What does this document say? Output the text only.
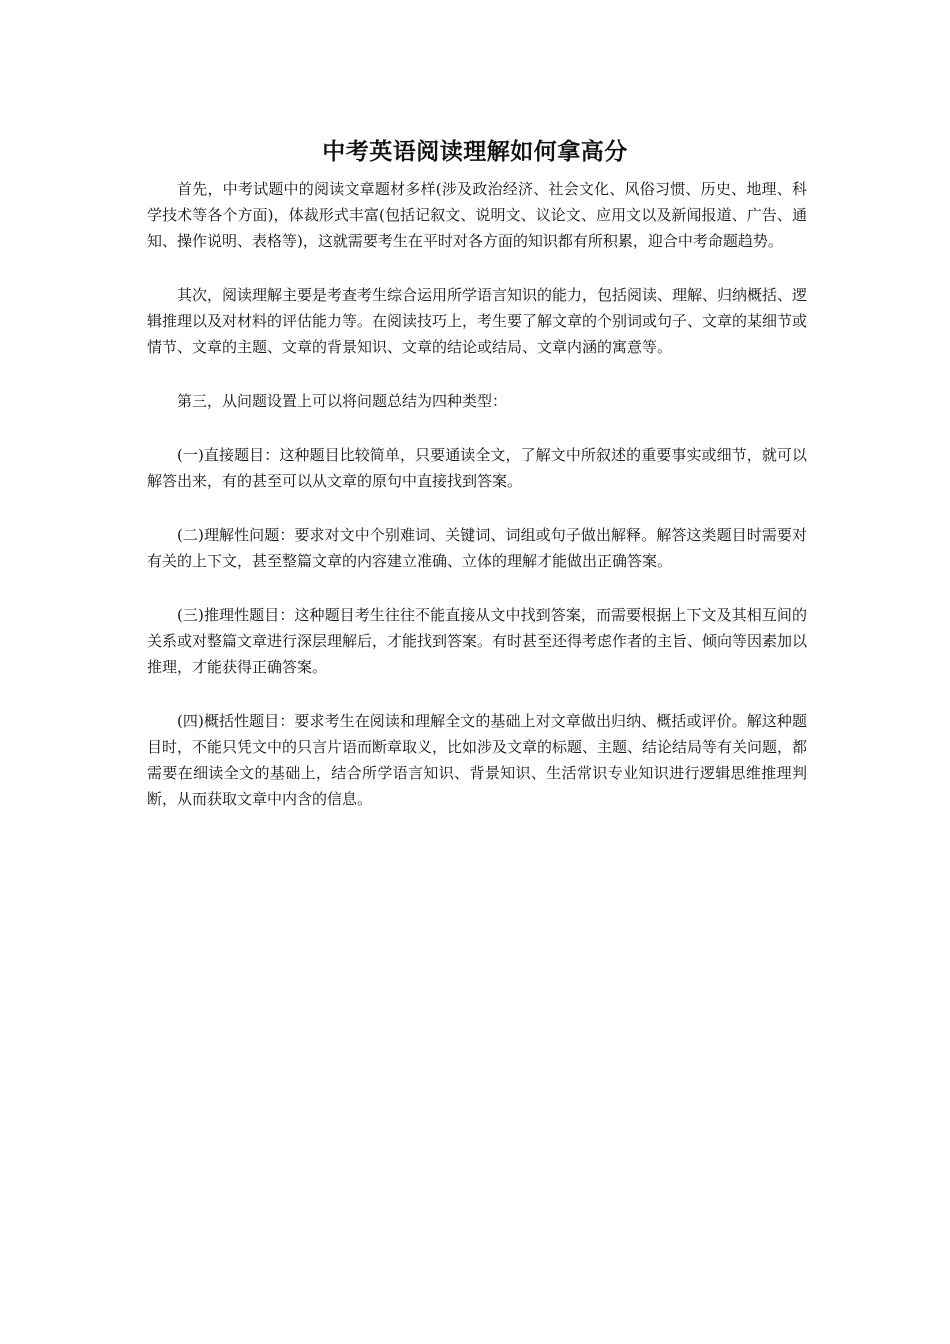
中考英语阅读理解如何拿高分

首先，中考试题中的阅读文章题材多样(涉及政治经济、社会文化、风俗习惯、历史、地理、科学技术等各个方面)，体裁形式丰富(包括记叙文、说明文、议论文、应用文以及新闻报道、广告、通知、操作说明、表格等)，这就需要考生在平时对各方面的知识都有所积累，迎合中考命题趋势。

其次，阅读理解主要是考查考生综合运用所学语言知识的能力，包括阅读、理解、归纳概括、逻辑推理以及对材料的评估能力等。在阅读技巧上，考生要了解文章的个别词或句子、文章的某细节或情节、文章的主题、文章的背景知识、文章的结论或结局、文章内涵的寓意等。

第三，从问题设置上可以将问题总结为四种类型：

(一)直接题目：这种题目比较简单，只要通读全文，了解文中所叙述的重要事实或细节，就可以解答出来，有的甚至可以从文章的原句中直接找到答案。

(二)理解性问题：要求对文中个别难词、关键词、词组或句子做出解释。解答这类题目时需要对有关的上下文，甚至整篇文章的内容建立准确、立体的理解才能做出正确答案。

(三)推理性题目：这种题目考生往往不能直接从文中找到答案，而需要根据上下文及其相互间的关系或对整篇文章进行深层理解后，才能找到答案。有时甚至还得考虑作者的主旨、倾向等因素加以推理，才能获得正确答案。

(四)概括性题目：要求考生在阅读和理解全文的基础上对文章做出归纳、概括或评价。解这种题目时，不能只凭文中的只言片语而断章取义，比如涉及文章的标题、主题、结论结局等有关问题，都需要在细读全文的基础上，结合所学语言知识、背景知识、生活常识专业知识进行逻辑思维推理判断，从而获取文章中内含的信息。
